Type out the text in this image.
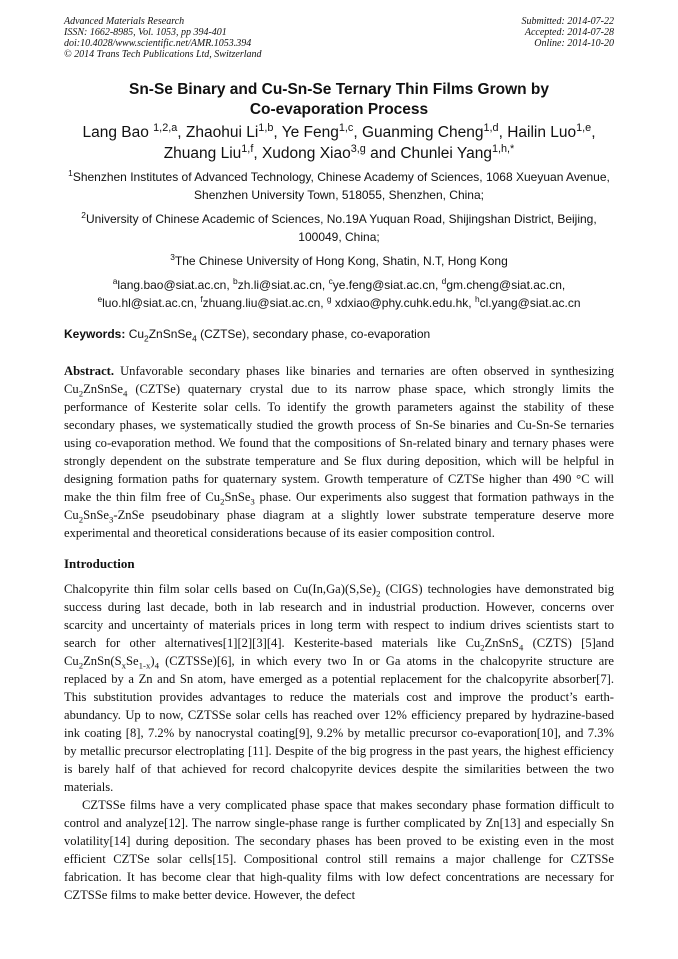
Advanced Materials Research
ISSN: 1662-8985, Vol. 1053, pp 394-401
doi:10.4028/www.scientific.net/AMR.1053.394
© 2014 Trans Tech Publications Ltd, Switzerland
Submitted: 2014-07-22
Accepted: 2014-07-28
Online: 2014-10-20
Sn-Se Binary and Cu-Sn-Se Ternary Thin Films Grown by
Co-evaporation Process
Lang Bao $^{1,2,a}$, Zhaohui Li$^{1,b}$, Ye Feng$^{1,c}$, Guanming Cheng$^{1,d}$, Hailin Luo$^{1,e}$,
Zhuang Liu$^{1,f}$, Xudong Xiao$^{3,g}$ and Chunlei Yang$^{1,h,*}$
$^1$Shenzhen Institutes of Advanced Technology, Chinese Academy of Sciences, 1068 Xueyuan Avenue, Shenzhen University Town, 518055, Shenzhen, China;
$^2$University of Chinese Academic of Sciences, No.19A Yuquan Road, Shijingshan District, Beijing, 100049, China;
$^3$The Chinese University of Hong Kong, Shatin, N.T, Hong Kong
$^a$lang.bao@siat.ac.cn, $^b$zh.li@siat.ac.cn, $^c$ye.feng@siat.ac.cn, $^d$gm.cheng@siat.ac.cn,
$^e$luo.hl@siat.ac.cn, $^f$zhuang.liu@siat.ac.cn, $^g$ xdxiao@phy.cuhk.edu.hk, $^h$cl.yang@siat.ac.cn
Keywords: $Cu_2ZnSnSe_4$ (CZTSe), secondary phase, co-evaporation
Abstract. Unfavorable secondary phases like binaries and ternaries are often observed in synthesizing $Cu_2ZnSnSe_4$ (CZTSe) quaternary crystal due to its narrow phase space, which strongly limits the performance of Kesterite solar cells. To identify the growth parameters against the stability of these secondary phases, we systematically studied the growth process of Sn-Se binaries and Cu-Sn-Se ternaries using co-evaporation method. We found that the compositions of Sn-related binary and ternary phases were strongly dependent on the substrate temperature and Se flux during deposition, which will be helpful in designing formation paths for quaternary system. Growth temperature of CZTSe higher than 490 °C will make the thin film free of $Cu_2SnSe_3$ phase. Our experiments also suggest that formation pathways in the $Cu_2SnSe_3$-ZnSe pseudobinary phase diagram at a slightly lower substrate temperature deserve more experimental and theoretical considerations because of its easier composition control.
Introduction
Chalcopyrite thin film solar cells based on $Cu(In,Ga)(S,Se)_2$ (CIGS) technologies have demonstrated big success during last decade, both in lab research and in industrial production. However, concerns over scarcity and uncertainty of materials prices in long term with respect to indium drives scientists start to search for other alternatives[1][2][3][4]. Kesterite-based materials like $Cu_2ZnSnS_4$ (CZTS) [5]and $Cu_2ZnSn(S_xSe_{1-x})_4$ (CZTSSe)[6], in which every two In or Ga atoms in the chalcopyrite structure are replaced by a Zn and Sn atom, have emerged as a potential replacement for the chalcopyrite absorber[7]. This substitution provides advantages to reduce the materials cost and improve the product’s earth-abundancy. Up to now, CZTSSe solar cells has reached over 12% efficiency prepared by hydrazine-based ink coating [8], 7.2% by nanocrystal coating[9], 9.2% by metallic precursor co-evaporation[10], and 7.3% by metallic precursor electroplating [11]. Despite of the big progress in the past years, the highest efficiency is barely half of that achieved for record chalcopyrite devices despite the similarities between the two materials.
CZTSSe films have a very complicated phase space that makes secondary phase formation difficult to control and analyze[12]. The narrow single-phase range is further complicated by Zn[13] and especially Sn volatility[14] during deposition. The secondary phases has been proved to be existing even in the most efficient CZTSe solar cells[15]. Compositional control still remains a major challenge for CZTSSe fabrication. It has become clear that high-quality films with low defect concentrations are necessary for CZTSSe films to make better device. However, the defect
